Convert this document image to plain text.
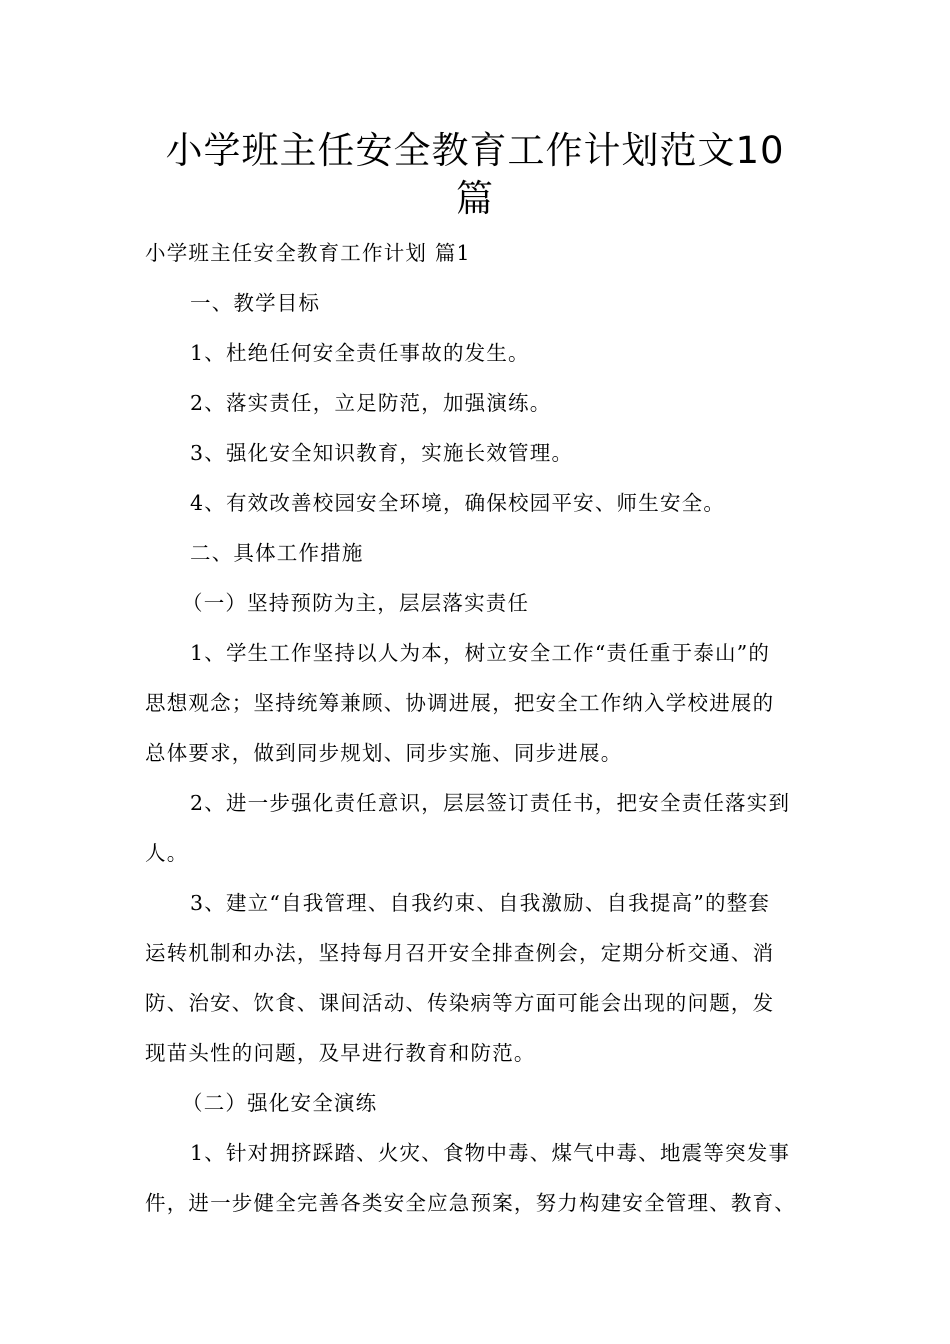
小学班主任安全教育工作计划范文10
篇
小学班主任安全教育工作计划 篇1
一、教学目标
1、杜绝任何安全责任事故的发生。
2、落实责任，立足防范，加强演练。
3、强化安全知识教育，实施长效管理。
4、有效改善校园安全环境，确保校园平安、师生安全。
二、具体工作措施
（一）坚持预防为主，层层落实责任
1、学生工作坚持以人为本，树立安全工作“责任重于泰山”的
思想观念；坚持统筹兼顾、协调进展，把安全工作纳入学校进展的
总体要求，做到同步规划、同步实施、同步进展。
2、进一步强化责任意识，层层签订责任书，把安全责任落实到
人。
3、建立“自我管理、自我约束、自我激励、自我提高”的整套
运转机制和办法，坚持每月召开安全排查例会，定期分析交通、消
防、治安、饮食、课间活动、传染病等方面可能会出现的问题，发
现苗头性的问题，及早进行教育和防范。
（二）强化安全演练
1、针对拥挤踩踏、火灾、食物中毒、煤气中毒、地震等突发事
件，进一步健全完善各类安全应急预案，努力构建安全管理、教育、
